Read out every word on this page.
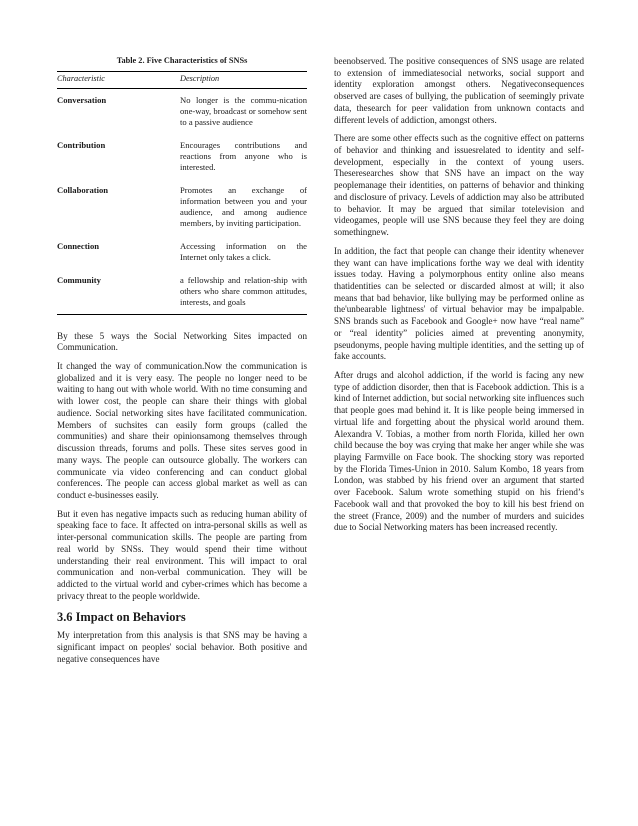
Table 2. Five Characteristics of SNSs
Characteristic	Description
Conversation	No longer is the commu-nication one-way, broadcast or somehow sent to a passive audience
Contribution	Encourages contributions and reactions from anyone who is interested.
Collaboration	Promotes an exchange of information between you and your audience, and among audience members, by inviting participation.
Connection	Accessing information on the Internet only takes a click.
Community	a fellowship and relation-ship with others who share common attitudes, interests, and goals

By these 5 ways the Social Networking Sites impacted on Communication.

It changed the way of communication.Now the communication is globalized and it is very easy. The people no longer need to be waiting to hang out with whole world. With no time consuming and with lower cost, the people can share their things with global audience. Social networking sites have facilitated communication. Members of suchsites can easily form groups (called the communities) and share their opinionsamong themselves through discussion threads, forums and polls. These sites serves good in many ways. The people can outsource globally. The workers can communicate via video conferencing and can conduct global conferences. The people can access global market as well as can conduct e-businesses easily.

But it even has negative impacts such as reducing human ability of speaking face to face. It affected on intra-personal skills as well as inter-personal communication skills. The people are parting from real world by SNSs. They would spend their time without understanding their real environment. This will impact to oral communication and non-verbal communication. They will be addicted to the virtual world and cyber-crimes which has become a privacy threat to the people worldwide.

3.6 Impact on Behaviors

My interpretation from this analysis is that SNS may be having a significant impact on peoples' social behavior. Both positive and negative consequences have

beenobserved. The positive consequences of SNS usage are related to extension of immediatesocial networks, social support and identity exploration amongst others. Negativeconsequences observed are cases of bullying, the publication of seemingly private data, thesearch for peer validation from unknown contacts and different levels of addiction, amongst others.

There are some other effects such as the cognitive effect on patterns of behavior and thinking and issuesrelated to identity and self-development, especially in the context of young users. Theseresearches show that SNS have an impact on the way peoplemanage their identities, on patterns of behavior and thinking and disclosure of privacy. Levels of addiction may also be attributed to behavior. It may be argued that similar totelevision and videogames, people will use SNS because they feel they are doing somethingnew.

In addition, the fact that people can change their identity whenever they want can have implications forthe way we deal with identity issues today. Having a polymorphous entity online also means thatidentities can be selected or discarded almost at will; it also means that bad behavior, like bullying may be performed online as the'unbearable lightness' of virtual behavior may be impalpable. SNS brands such as Facebook and Google+ now have “real name” or “real identity” policies aimed at preventing anonymity, pseudonyms, people having multiple identities, and the setting up of fake accounts.

After drugs and alcohol addiction, if the world is facing any new type of addiction disorder, then that is Facebook addiction. This is a kind of Internet addiction, but social networking site influences such that people goes mad behind it. It is like people being immersed in virtual life and forgetting about the physical world around them. Alexandra V. Tobias, a mother from north Florida, killed her own child because the boy was crying that make her anger while she was playing Farmville on Face book. The shocking story was reported by the Florida Times-Union in 2010. Salum Kombo, 18 years from London, was stabbed by his friend over an argument that started over Facebook. Salum wrote something stupid on his friend’s Facebook wall and that provoked the boy to kill his best friend on the street (France, 2009) and the number of murders and suicides due to Social Networking maters has been increased recently.
